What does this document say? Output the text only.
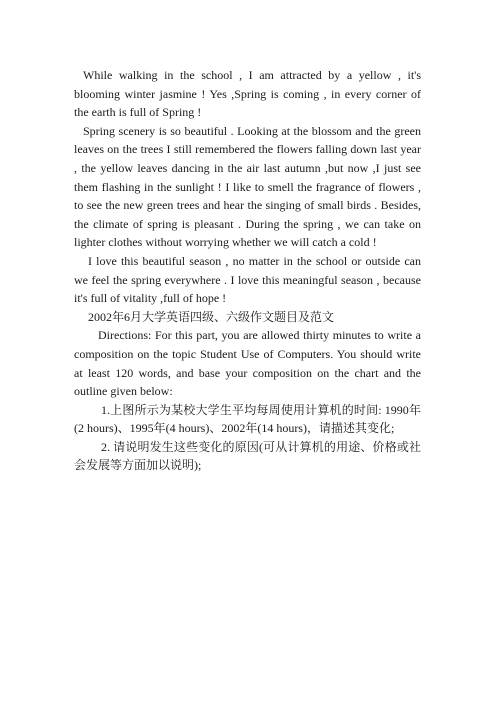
While walking in the school , I am attracted by a yellow , it's blooming winter jasmine ! Yes ,Spring is coming , in every corner of the earth is full of Spring !

Spring scenery is so beautiful . Looking at the blossom and the green leaves on the trees I still remembered the flowers falling down last year , the yellow leaves dancing in the air last autumn ,but now ,I just see them flashing in the sunlight ! I like to smell the fragrance of flowers , to see the new green trees and hear the singing of small birds . Besides, the climate of spring is pleasant . During the spring , we can take on lighter clothes without worrying whether we will catch a cold !

I love this beautiful season , no matter in the school or outside can we feel the spring everywhere . I love this meaningful season , because it's full of vitality ,full of hope !

2002年6月大学英语四级、六级作文题目及范文

Directions: For this part, you are allowed thirty minutes to write a composition on the topic Student Use of Computers. You should write at least 120 words, and base your composition on the chart and the outline given below:

1.上图所示为某校大学生平均每周使用计算机的时间: 1990年(2 hours)、1995年(4 hours)、2002年(14 hours)，请描述其变化;

2. 请说明发生这些变化的原因(可从计算机的用途、价格或社会发展等方面加以说明);
